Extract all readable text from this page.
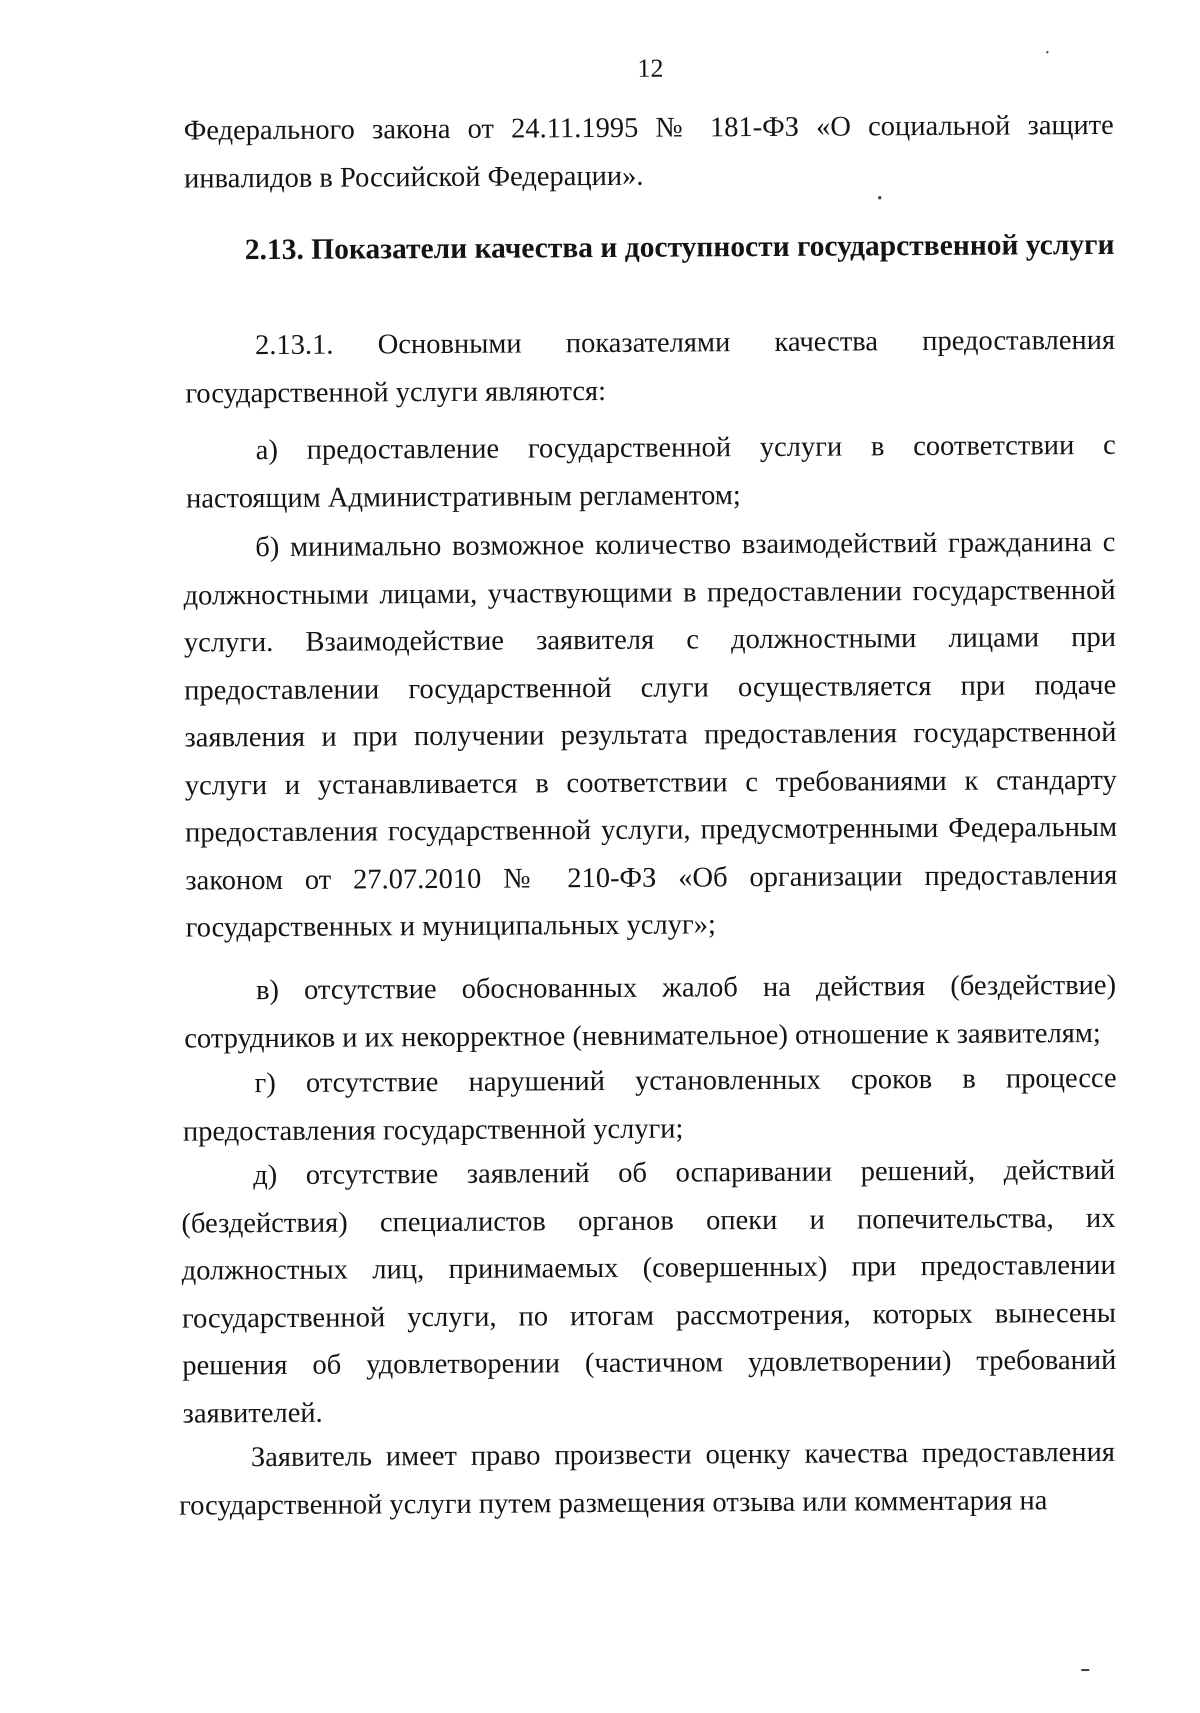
12
Федерального закона от 24.11.1995 № 181-ФЗ «О социальной защите инвалидов в Российской Федерации».
2.13. Показатели качества и доступности государственной услуги
2.13.1. Основными показателями качества предоставления государственной услуги являются:
а) предоставление государственной услуги в соответствии с настоящим Административным регламентом;
б) минимально возможное количество взаимодействий гражданина с должностными лицами, участвующими в предоставлении государственной услуги. Взаимодействие заявителя с должностными лицами при предоставлении государственной слуги осуществляется при подаче заявления и при получении результата предоставления государственной услуги и устанавливается в соответствии с требованиями к стандарту предоставления государственной услуги, предусмотренными Федеральным законом от 27.07.2010 № 210-ФЗ «Об организации предоставления государственных и муниципальных услуг»;
в) отсутствие обоснованных жалоб на действия (бездействие) сотрудников и их некорректное (невнимательное) отношение к заявителям;
г) отсутствие нарушений установленных сроков в процессе предоставления государственной услуги;
д) отсутствие заявлений об оспаривании решений, действий (бездействия) специалистов органов опеки и попечительства, их должностных лиц, принимаемых (совершенных) при предоставлении государственной услуги, по итогам рассмотрения, которых вынесены решения об удовлетворении (частичном удовлетворении) требований заявителей.
Заявитель имеет право произвести оценку качества предоставления государственной услуги путем размещения отзыва или комментария на
